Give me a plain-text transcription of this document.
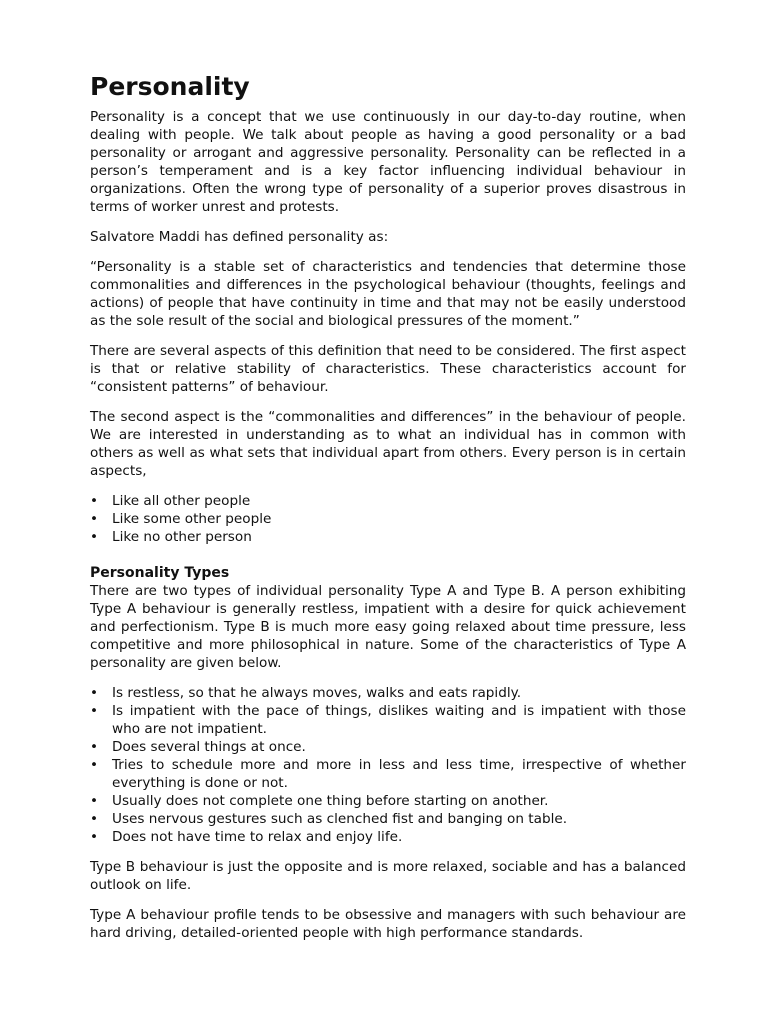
Personality

Personality is a concept that we use continuously in our day-to-day routine, when dealing with people. We talk about people as having a good personality or a bad personality or arrogant and aggressive personality. Personality can be reflected in a person’s temperament and is a key factor influencing individual behaviour in organizations. Often the wrong type of personality of a superior proves disastrous in terms of worker unrest and protests.

Salvatore Maddi has defined personality as:

“Personality is a stable set of characteristics and tendencies that determine those commonalities and differences in the psychological behaviour (thoughts, feelings and actions) of people that have continuity in time and that may not be easily understood as the sole result of the social and biological pressures of the moment.”

There are several aspects of this definition that need to be considered. The first aspect is that or relative stability of characteristics. These characteristics account for “consistent patterns” of behaviour.

The second aspect is the “commonalities and differences” in the behaviour of people. We are interested in understanding as to what an individual has in common with others as well as what sets that individual apart from others. Every person is in certain aspects,

• Like all other people
• Like some other people
• Like no other person
Personality Types

There are two types of individual personality Type A and Type B. A person exhibiting Type A behaviour is generally restless, impatient with a desire for quick achievement and perfectionism. Type B is much more easy going relaxed about time pressure, less competitive and more philosophical in nature. Some of the characteristics of Type A personality are given below.

• Is restless, so that he always moves, walks and eats rapidly.
• Is impatient with the pace of things, dislikes waiting and is impatient with those who are not impatient.
• Does several things at once.
• Tries to schedule more and more in less and less time, irrespective of whether everything is done or not.
• Usually does not complete one thing before starting on another.
• Uses nervous gestures such as clenched fist and banging on table.
• Does not have time to relax and enjoy life.

Type B behaviour is just the opposite and is more relaxed, sociable and has a balanced outlook on life.

Type A behaviour profile tends to be obsessive and managers with such behaviour are hard driving, detailed-oriented people with high performance standards.
